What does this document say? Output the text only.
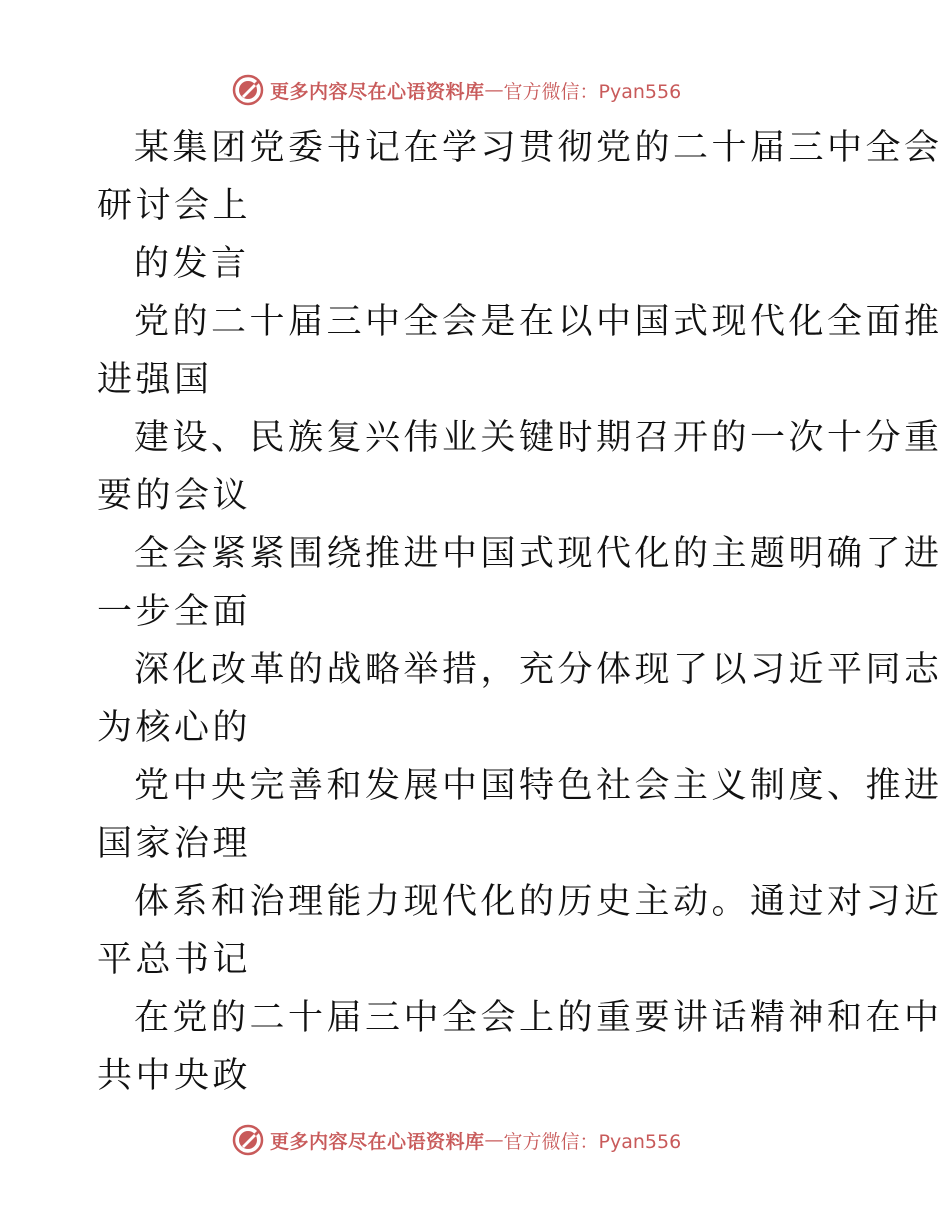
更多内容尽在心语资料库 — 官方微信：Pyan556
某集团党委书记在学习贯彻党的二十届三中全会
研讨会上
的发言
党的二十届三中全会是在以中国式现代化全面推
进强国
建设、民族复兴伟业关键时期召开的一次十分重
要的会议
全会紧紧围绕推进中国式现代化的主题明确了进
一步全面
深化改革的战略举措，充分体现了以习近平同志
为核心的
党中央完善和发展中国特色社会主义制度、推进
国家治理
体系和治理能力现代化的历史主动。通过对习近
平总书记
在党的二十届三中全会上的重要讲话精神和在中
共中央政
更多内容尽在心语资料库 — 官方微信：Pyan556
